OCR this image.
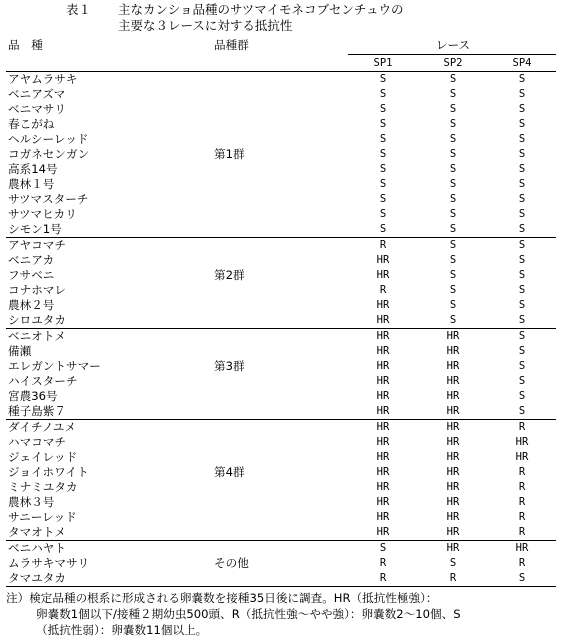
表１ 主なカンショ品種のサツマイモネコブセンチュウの
主要な３レースに対する抵抗性
品　種	品種群	レース		
		SP1	SP2	SP4
アヤムラサキ		S	S	S
ベニアズマ		S	S	S
ベニマサリ		S	S	S
春こがね		S	S	S
ヘルシーレッド		S	S	S
コガネセンガン	第1群	S	S	S
高系14号		S	S	S
農林１号		S	S	S
サツマスターチ		S	S	S
サツマヒカリ		S	S	S
シモン1号		S	S	S
アヤコマチ		R	S	S
ベニアカ		HR	S	S
フサベニ	第2群	HR	S	S
コナホマレ		R	S	S
農林２号		HR	S	S
シロユタカ		HR	S	S
ベニオトメ		HR	HR	S
備瀬		HR	HR	S
エレガントサマー	第3群	HR	HR	S
ハイスターチ		HR	HR	S
宮農36号		HR	HR	S
種子島紫７		HR	HR	S
ダイチノユメ		HR	HR	R
ハマコマチ		HR	HR	HR
ジェイレッド		HR	HR	HR
ジョイホワイト	第4群	HR	HR	R
ミナミユタカ		HR	HR	R
農林３号		HR	HR	R
サニーレッド		HR	HR	R
タマオトメ		HR	HR	R
ベニハヤト		S	HR	HR
ムラサキマサリ	その他	R	S	R
タマユタカ		R	R	S
注）検定品種の根系に形成される卵嚢数を接種35日後に調査。HR（抵抗性極強）：
卵嚢数1個以下/接種２期幼虫500頭、R（抵抗性強〜やや強）：卵嚢数2〜10個、S
（抵抗性弱）：卵嚢数11個以上。
